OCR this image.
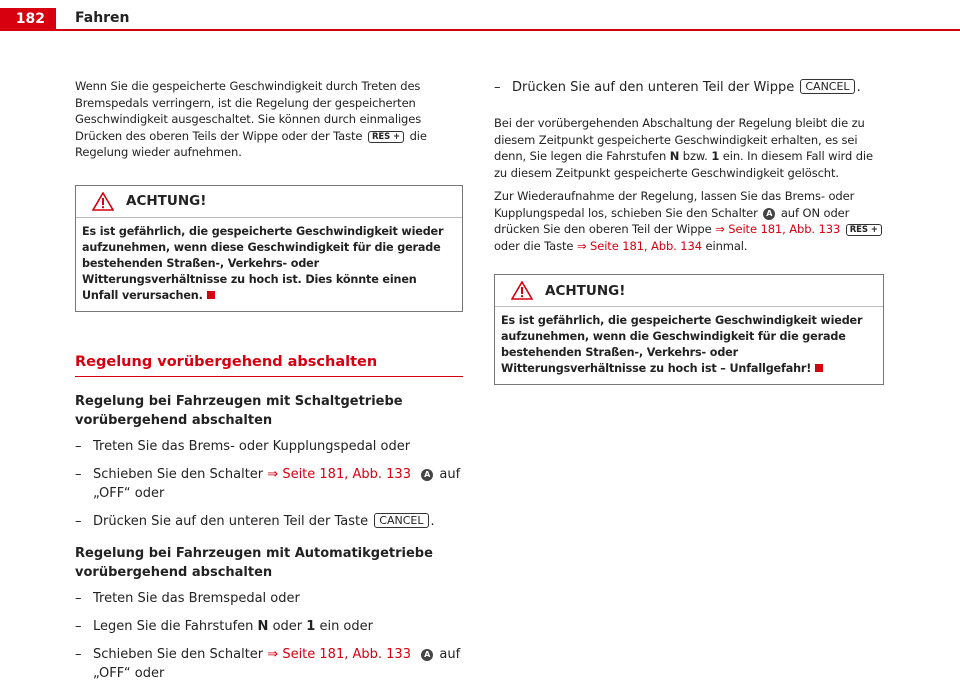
182	Fahren

Wenn Sie die gespeicherte Geschwindigkeit durch Treten des Bremspedals verringern, ist die Regelung der gespeicherten Geschwindigkeit ausgeschaltet. Sie können durch einmaliges Drücken des oberen Teils der Wippe oder der Taste RES + die Regelung wieder aufnehmen.

ACHTUNG!
Es ist gefährlich, die gespeicherte Geschwindigkeit wieder aufzunehmen, wenn diese Geschwindigkeit für die gerade bestehenden Straßen-, Verkehrs- oder Witterungsverhältnisse zu hoch ist. Dies könnte einen Unfall verursachen.

Regelung vorübergehend abschalten

Regelung bei Fahrzeugen mit Schaltgetriebe vorübergehend abschalten

– Treten Sie das Brems- oder Kupplungspedal oder
– Schieben Sie den Schalter ⇒ Seite 181, Abb. 133 A auf „OFF“ oder
– Drücken Sie auf den unteren Teil der Taste CANCEL .

Regelung bei Fahrzeugen mit Automatikgetriebe vorübergehend abschalten

– Treten Sie das Bremspedal oder
– Legen Sie die Fahrstufen N oder 1 ein oder
– Schieben Sie den Schalter ⇒ Seite 181, Abb. 133 A auf „OFF“ oder
– Drücken Sie auf den unteren Teil der Wippe CANCEL .

Bei der vorübergehenden Abschaltung der Regelung bleibt die zu diesem Zeitpunkt gespeicherte Geschwindigkeit erhalten, es sei denn, Sie legen die Fahrstufen N bzw. 1 ein. In diesem Fall wird die zu diesem Zeitpunkt gespeicherte Geschwindigkeit gelöscht.

Zur Wiederaufnahme der Regelung, lassen Sie das Brems- oder Kupplungspedal los, schieben Sie den Schalter A auf ON oder drücken Sie den oberen Teil der Wippe ⇒ Seite 181, Abb. 133 RES + oder die Taste ⇒ Seite 181, Abb. 134 einmal.

ACHTUNG!
Es ist gefährlich, die gespeicherte Geschwindigkeit wieder aufzunehmen, wenn die Geschwindigkeit für die gerade bestehenden Straßen-, Verkehrs- oder Witterungsverhältnisse zu hoch ist – Unfallgefahr!
